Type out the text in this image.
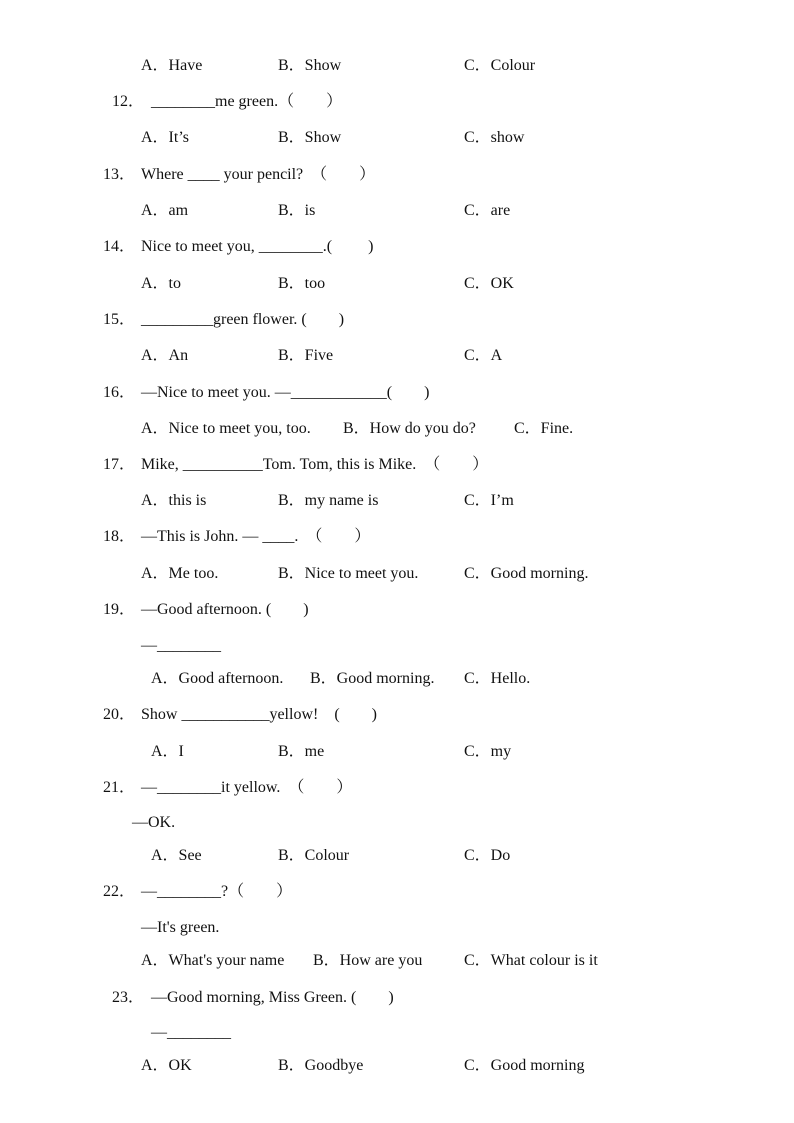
A．Have	B．Show	C．Colour
12． ________me green.（　　）
A．It’s	B．Show	C．show
13． Where ____ your pencil?　（　　）
A．am	B．is	C．are
14． Nice to meet you, ________.(　　 )
A．to	B．too	C．OK
15． _________green flower. (　　)
A．An	B．Five	C．A
16． —Nice to meet you. —____________(　　)
A．Nice to meet you, too. B．How do you do? C．Fine.
17． Mike, __________Tom. Tom, this is Mike.　（　　）
A．this is	B．my name is	C．I’m
18． —This is John. — ____.　（　　）
A．Me too.	B．Nice to meet you.	C．Good morning.
19． —Good afternoon. (　　)
—________
A．Good afternoon. B．Good morning. C．Hello.
20． Show ___________yellow!　(　　)
A．I	B．me	C．my
21． —________it yellow.　（　　）
—OK.
A．See	B．Colour	C．Do
22． —________?（　　）
—It's green.
A．What's your name B．How are you	C．What colour is it
23． —Good morning, Miss Green. (　　)
—________
A．OK	B．Goodbye	C．Good morning
